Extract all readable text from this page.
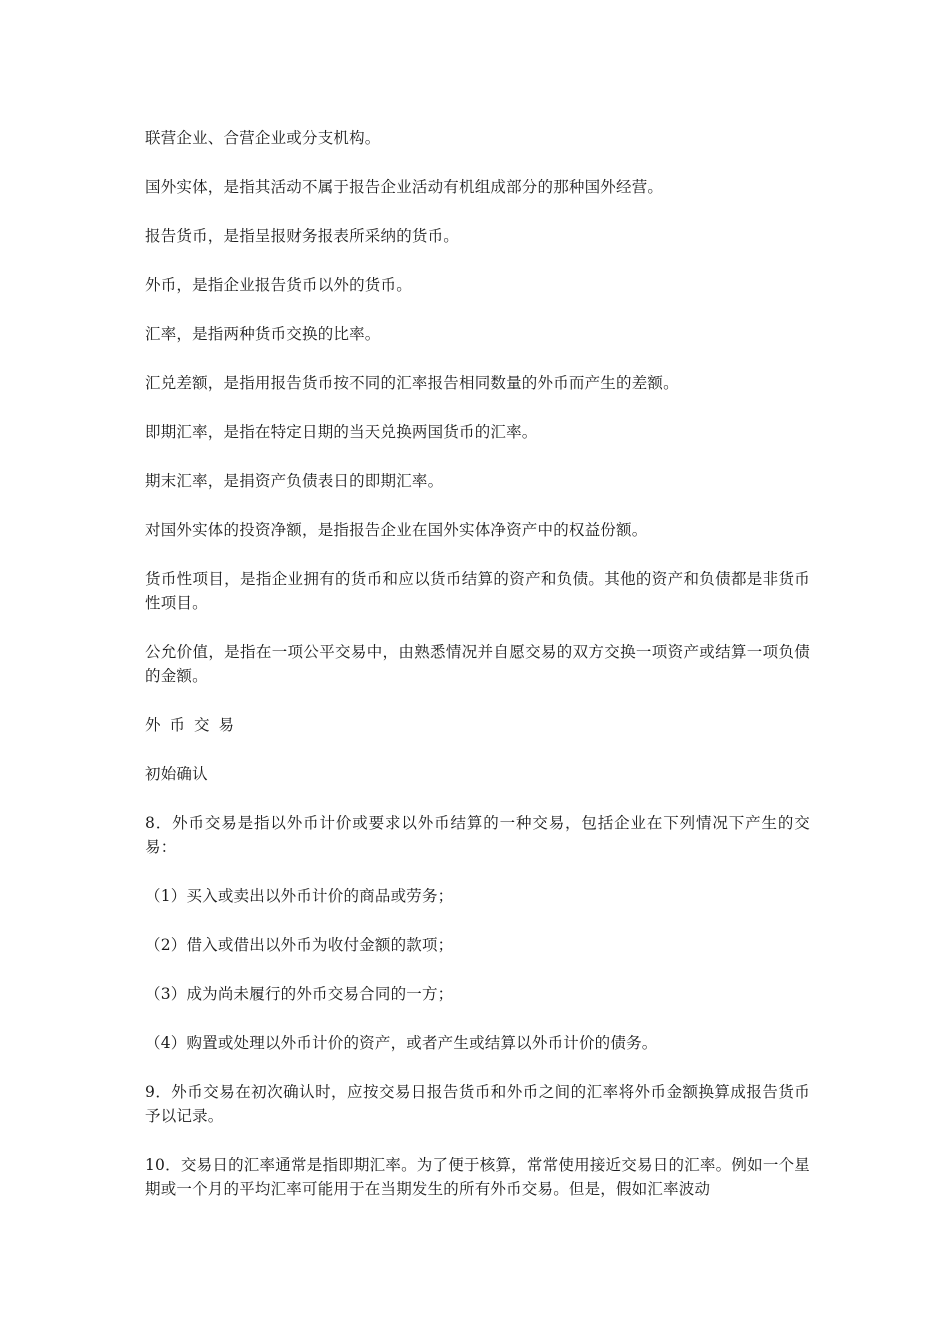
联营企业、合营企业或分支机构。

国外实体，是指其活动不属于报告企业活动有机组成部分的那种国外经营。

报告货币，是指呈报财务报表所采纳的货币。

外币，是指企业报告货币以外的货币。

汇率，是指两种货币交换的比率。

汇兑差额，是指用报告货币按不同的汇率报告相同数量的外币而产生的差额。

即期汇率，是指在特定日期的当天兑换两国货币的汇率。

期末汇率，是捐资产负债表日的即期汇率。

对国外实体的投资净额，是指报告企业在国外实体净资产中的权益份额。

货币性项目，是指企业拥有的货币和应以货币结算的资产和负债。其他的资产和负债都是非货币性项目。

公允价值，是指在一项公平交易中，由熟悉情况并自愿交易的双方交换一项资产或结算一项负债的金额。

外币交易

初始确认

8．外币交易是指以外币计价或要求以外币结算的一种交易，包括企业在下列情况下产生的交易：

（1）买入或卖出以外币计价的商品或劳务；

（2）借入或借出以外币为收付金额的款项；

（3）成为尚未履行的外币交易合同的一方；

（4）购置或处理以外币计价的资产，或者产生或结算以外币计价的债务。

9．外币交易在初次确认时，应按交易日报告货币和外币之间的汇率将外币金额换算成报告货币予以记录。

10．交易日的汇率通常是指即期汇率。为了便于核算，常常使用接近交易日的汇率。例如一个星期或一个月的平均汇率可能用于在当期发生的所有外币交易。但是，假如汇率波动
